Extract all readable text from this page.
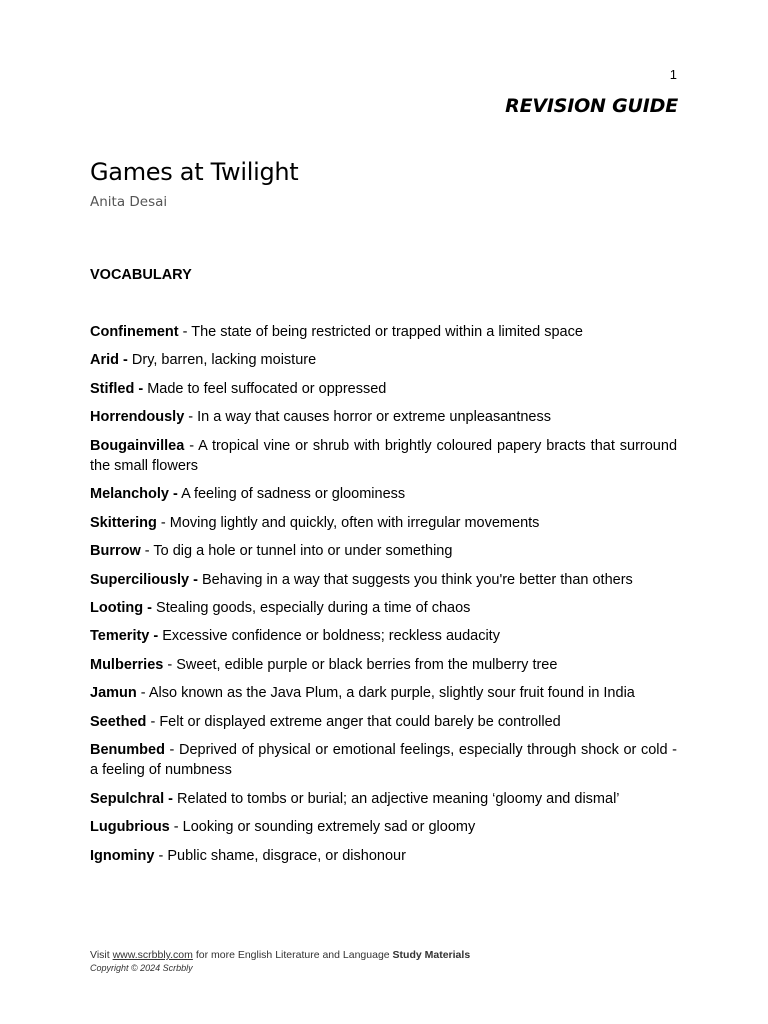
1
REVISION GUIDE
Games at Twilight
Anita Desai
VOCABULARY
Confinement - The state of being restricted or trapped within a limited space
Arid - Dry, barren, lacking moisture
Stifled - Made to feel suffocated or oppressed
Horrendously - In a way that causes horror or extreme unpleasantness
Bougainvillea - A tropical vine or shrub with brightly coloured papery bracts that surround the small flowers
Melancholy - A feeling of sadness or gloominess
Skittering - Moving lightly and quickly, often with irregular movements
Burrow - To dig a hole or tunnel into or under something
Superciliously - Behaving in a way that suggests you think you're better than others
Looting - Stealing goods, especially during a time of chaos
Temerity - Excessive confidence or boldness; reckless audacity
Mulberries - Sweet, edible purple or black berries from the mulberry tree
Jamun - Also known as the Java Plum, a dark purple, slightly sour fruit found in India
Seethed - Felt or displayed extreme anger that could barely be controlled
Benumbed - Deprived of physical or emotional feelings, especially through shock or cold - a feeling of numbness
Sepulchral - Related to tombs or burial; an adjective meaning ‘gloomy and dismal’
Lugubrious - Looking or sounding extremely sad or gloomy
Ignominy - Public shame, disgrace, or dishonour
Visit www.scrbbly.com for more English Literature and Language Study Materials
Copyright © 2024 Scrbbly
